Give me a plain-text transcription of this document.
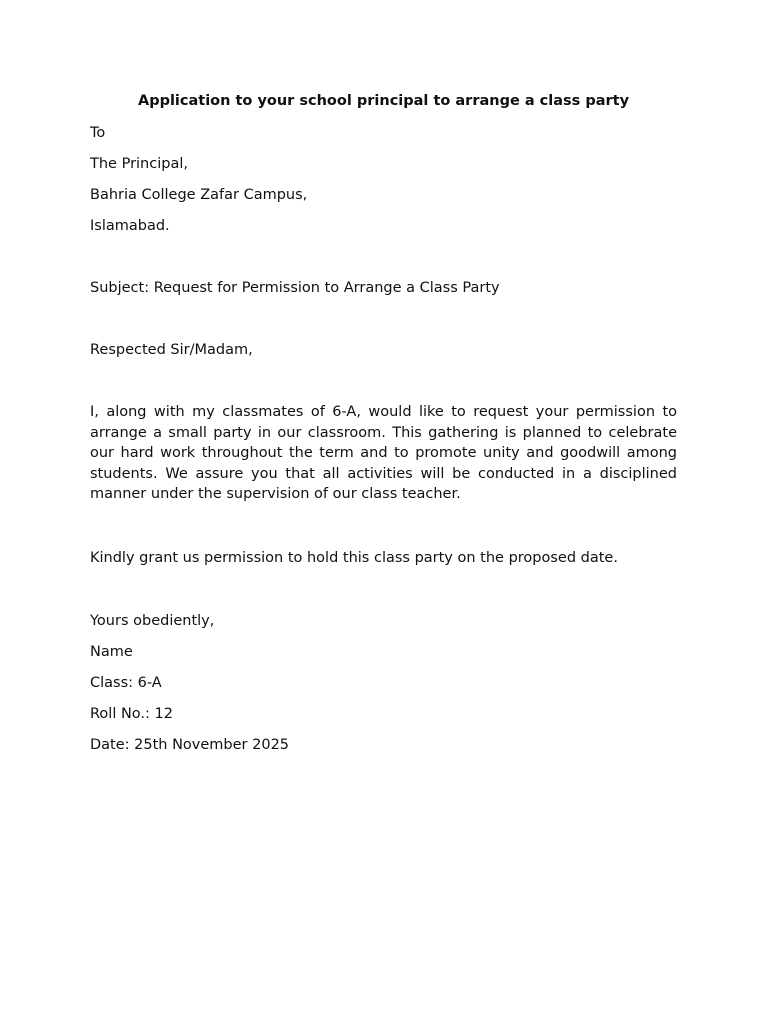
Application to your school principal to arrange a class party
To
The Principal,
Bahria College Zafar Campus,
Islamabad.
Subject: Request for Permission to Arrange a Class Party
Respected Sir/Madam,
I, along with my classmates of 6-A, would like to request your permission to arrange a small party in our classroom. This gathering is planned to celebrate our hard work throughout the term and to promote unity and goodwill among students. We assure you that all activities will be conducted in a disciplined manner under the supervision of our class teacher.
Kindly grant us permission to hold this class party on the proposed date.
Yours obediently,
Name
Class: 6-A
Roll No.: 12
Date: 25th November 2025
